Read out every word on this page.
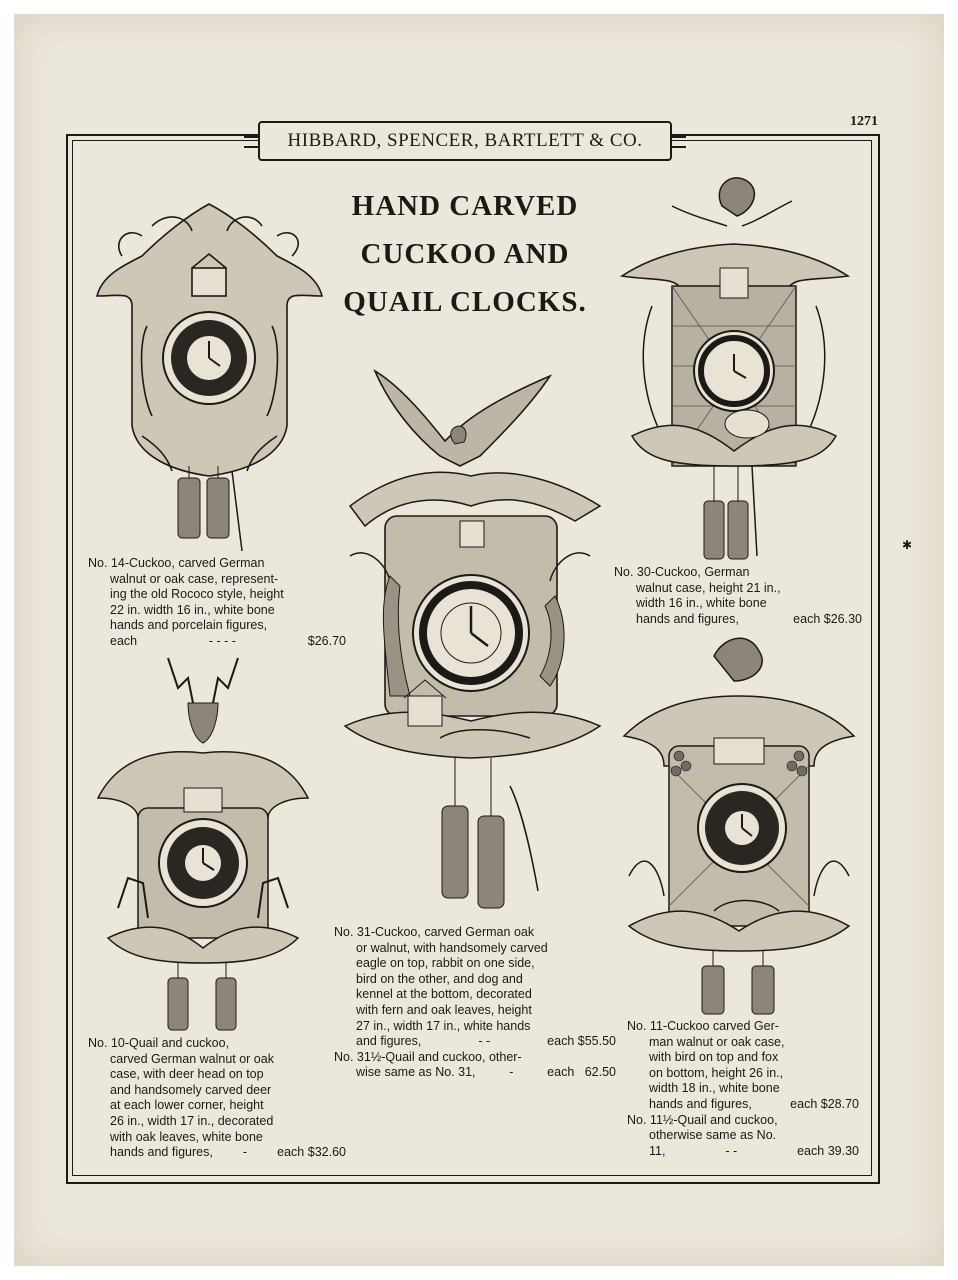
HIBBARD, SPENCER, BARTLETT & CO.
1271
HAND CARVED
CUCKOO AND
QUAIL CLOCKS.
No. 14-Cuckoo, carved German
walnut or oak case, represent-
ing the old Rococo style, height
22 in. width 16 in., white bone
hands and porcelain figures,
each	- - - -	$26.70
No. 30-Cuckoo, German
walnut case, height 21 in.,
width 16 in., white bone
hands and figures,	each $26.30
No. 31-Cuckoo, carved German oak
or walnut, with handsomely carved
eagle on top, rabbit on one side,
bird on the other, and dog and
kennel at the bottom, decorated
with fern and oak leaves, height
27 in., width 17 in., white hands
and figures,	- -	each $55.50
No. 31½-Quail and cuckoo, other-
wise same as No. 31,	-	each 62.50
No. 10-Quail and cuckoo,
carved German walnut or oak
case, with deer head on top
and handsomely carved deer
at each lower corner, height
26 in., width 17 in., decorated
with oak leaves, white bone
hands and figures, - each $32.60
No. 11-Cuckoo carved Ger-
man walnut or oak case,
with bird on top and fox
on bottom, height 26 in.,
width 18 in., white bone
hands and figures,	each $28.70
No. 11½-Quail and cuckoo,
otherwise same as No.
11,	- -	each 39.30
✱
